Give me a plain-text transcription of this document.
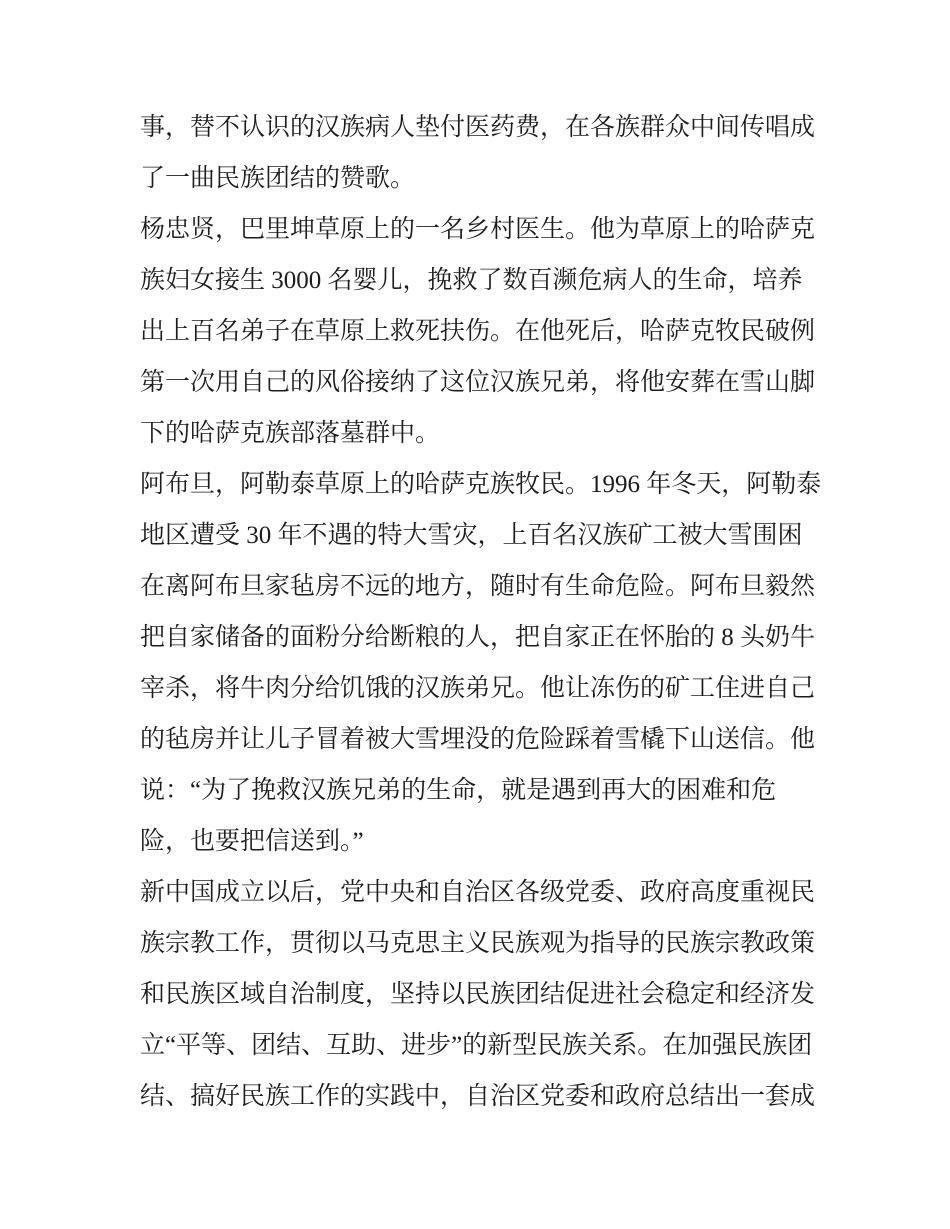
事，替不认识的汉族病人垫付医药费，在各族群众中间传唱成
了一曲民族团结的赞歌。
杨忠贤，巴里坤草原上的一名乡村医生。他为草原上的哈萨克
族妇女接生 3000 名婴儿，挽救了数百濒危病人的生命，培养
出上百名弟子在草原上救死扶伤。在他死后，哈萨克牧民破例
第一次用自己的风俗接纳了这位汉族兄弟，将他安葬在雪山脚
下的哈萨克族部落墓群中。
阿布旦，阿勒泰草原上的哈萨克族牧民。1996 年冬天，阿勒泰
地区遭受 30 年不遇的特大雪灾，上百名汉族矿工被大雪围困
在离阿布旦家毡房不远的地方，随时有生命危险。阿布旦毅然
把自家储备的面粉分给断粮的人，把自家正在怀胎的 8 头奶牛
宰杀，将牛肉分给饥饿的汉族弟兄。他让冻伤的矿工住进自己
的毡房并让儿子冒着被大雪埋没的危险踩着雪橇下山送信。他
说：“为了挽救汉族兄弟的生命，就是遇到再大的困难和危
险，也要把信送到。”
新中国成立以后，党中央和自治区各级党委、政府高度重视民
族宗教工作，贯彻以马克思主义民族观为指导的民族宗教政策
和民族区域自治制度，坚持以民族团结促进社会稳定和经济发
立“平等、团结、互助、进步”的新型民族关系。在加强民族团
结、搞好民族工作的实践中，自治区党委和政府总结出一套成
